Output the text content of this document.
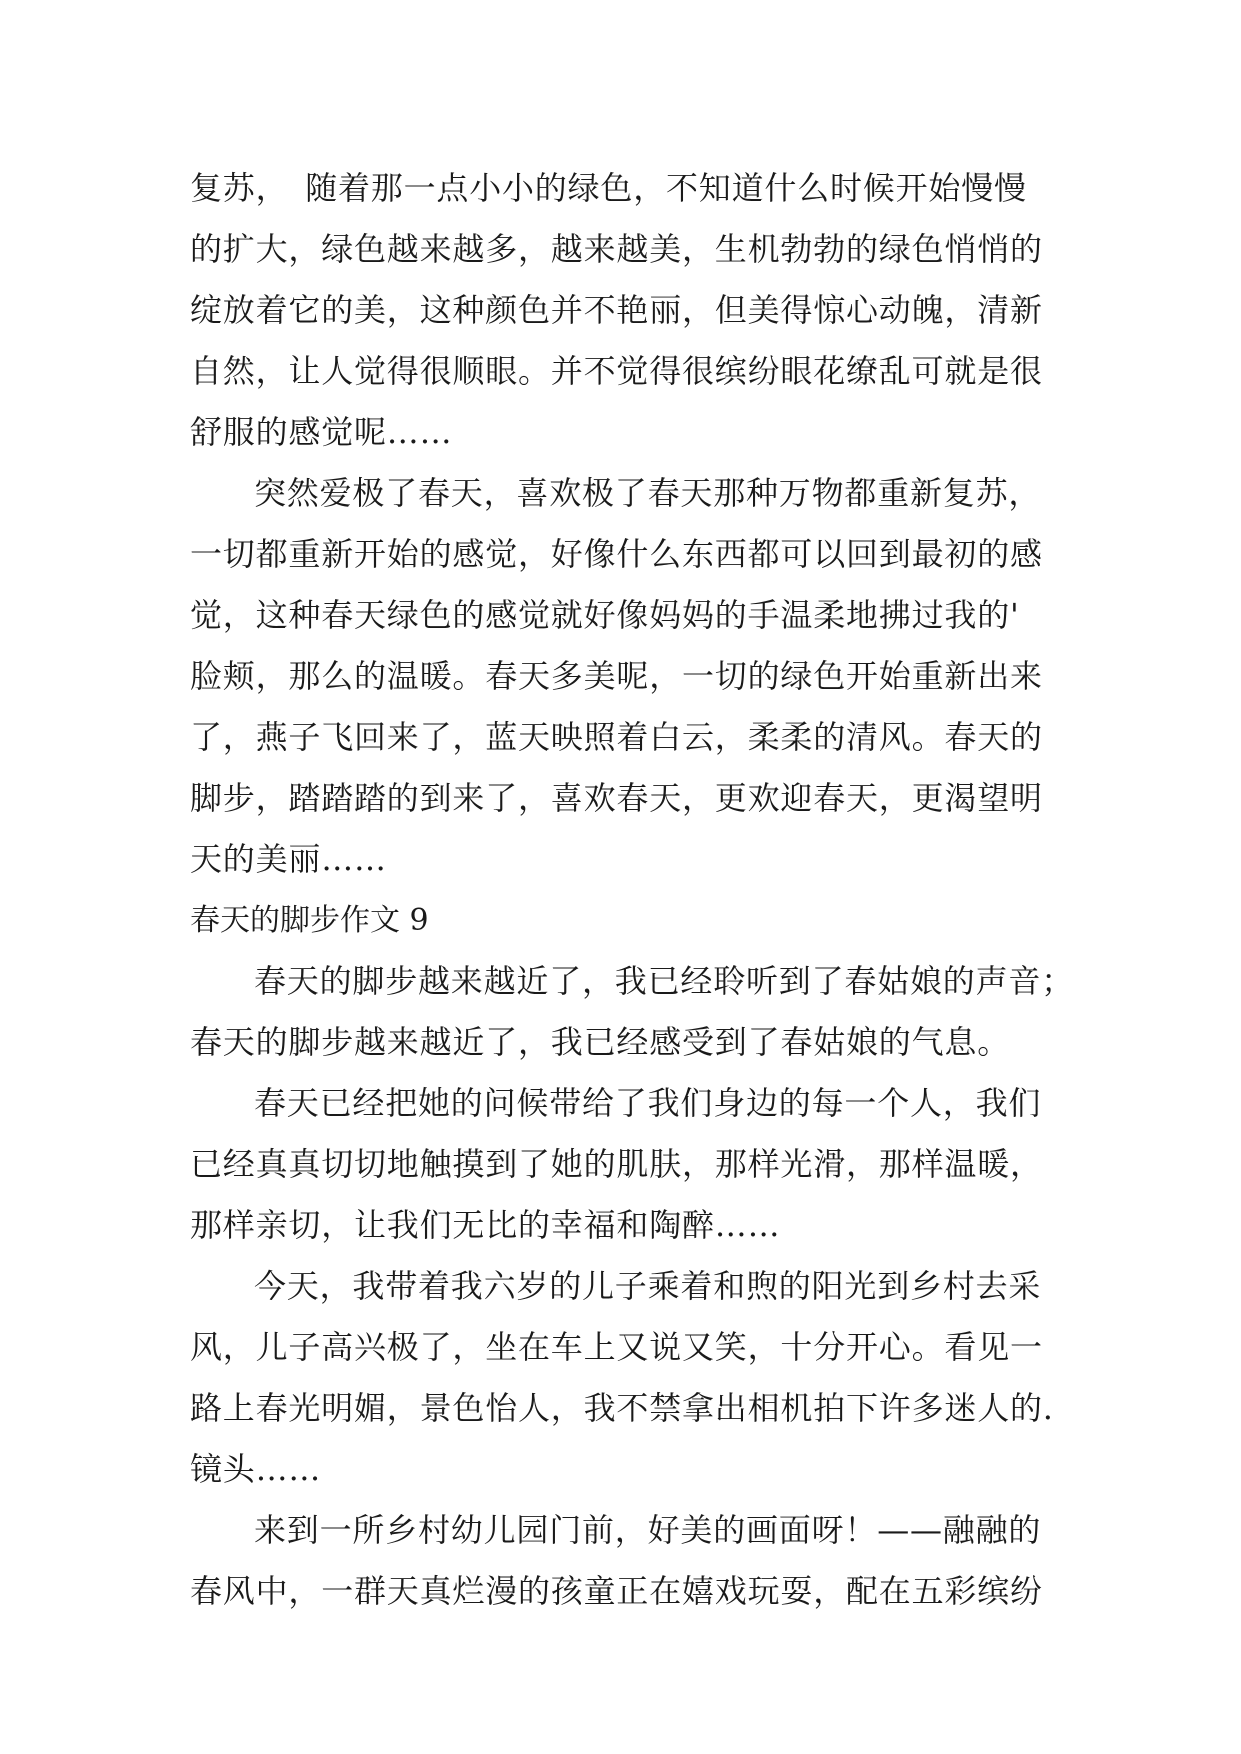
复苏，　随着那一点小小的绿色，不知道什么时候开始慢慢
的扩大，绿色越来越多，越来越美，生机勃勃的绿色悄悄的
绽放着它的美，这种颜色并不艳丽，但美得惊心动魄，清新
自然，让人觉得很顺眼。并不觉得很缤纷眼花缭乱可就是很
舒服的感觉呢……
突然爱极了春天，喜欢极了春天那种万物都重新复苏，
一切都重新开始的感觉，好像什么东西都可以回到最初的感
觉，这种春天绿色的感觉就好像妈妈的手温柔地拂过我的'
脸颊，那么的温暖。春天多美呢，一切的绿色开始重新出来
了，燕子飞回来了，蓝天映照着白云，柔柔的清风。春天的
脚步，踏踏踏的到来了，喜欢春天，更欢迎春天，更渴望明
天的美丽……
春天的脚步作文 9
春天的脚步越来越近了，我已经聆听到了春姑娘的声音；
春天的脚步越来越近了，我已经感受到了春姑娘的气息。
春天已经把她的问候带给了我们身边的每一个人，我们
已经真真切切地触摸到了她的肌肤，那样光滑，那样温暖，
那样亲切，让我们无比的幸福和陶醉……
今天，我带着我六岁的儿子乘着和煦的阳光到乡村去采
风，儿子高兴极了，坐在车上又说又笑，十分开心。看见一
路上春光明媚，景色怡人，我不禁拿出相机拍下许多迷人的.
镜头……
来到一所乡村幼儿园门前，好美的画面呀！——融融的
春风中，一群天真烂漫的孩童正在嬉戏玩耍，配在五彩缤纷
